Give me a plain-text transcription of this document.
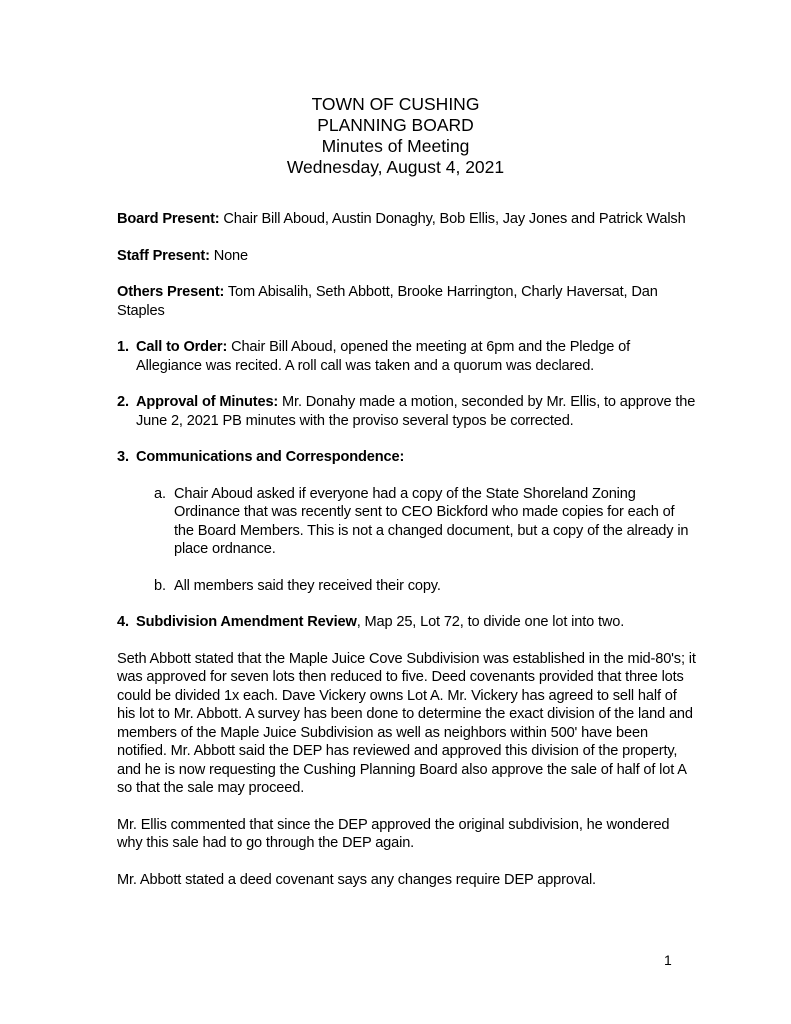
TOWN OF CUSHING
PLANNING BOARD
Minutes of Meeting
Wednesday, August 4, 2021

Board Present: Chair Bill Aboud, Austin Donaghy, Bob Ellis, Jay Jones and Patrick Walsh

Staff Present: None

Others Present: Tom Abisalih, Seth Abbott, Brooke Harrington, Charly Haversat, Dan Staples

1. Call to Order: Chair Bill Aboud, opened the meeting at 6pm and the Pledge of Allegiance was recited. A roll call was taken and a quorum was declared.
2. Approval of Minutes: Mr. Donahy made a motion, seconded by Mr. Ellis, to approve the June 2, 2021 PB minutes with the proviso several typos be corrected.
3. Communications and Correspondence:
a. Chair Aboud asked if everyone had a copy of the State Shoreland Zoning Ordinance that was recently sent to CEO Bickford who made copies for each of the Board Members. This is not a changed document, but a copy of the already in place ordnance.
b. All members said they received their copy.
4. Subdivision Amendment Review, Map 25, Lot 72, to divide one lot into two.

Seth Abbott stated that the Maple Juice Cove Subdivision was established in the mid-80's; it was approved for seven lots then reduced to five. Deed covenants provided that three lots could be divided 1x each. Dave Vickery owns Lot A. Mr. Vickery has agreed to sell half of his lot to Mr. Abbott. A survey has been done to determine the exact division of the land and members of the Maple Juice Subdivision as well as neighbors within 500' have been notified. Mr. Abbott said the DEP has reviewed and approved this division of the property, and he is now requesting the Cushing Planning Board also approve the sale of half of lot A so that the sale may proceed.

Mr. Ellis commented that since the DEP approved the original subdivision, he wondered why this sale had to go through the DEP again.

Mr. Abbott stated a deed covenant says any changes require DEP approval.

1
